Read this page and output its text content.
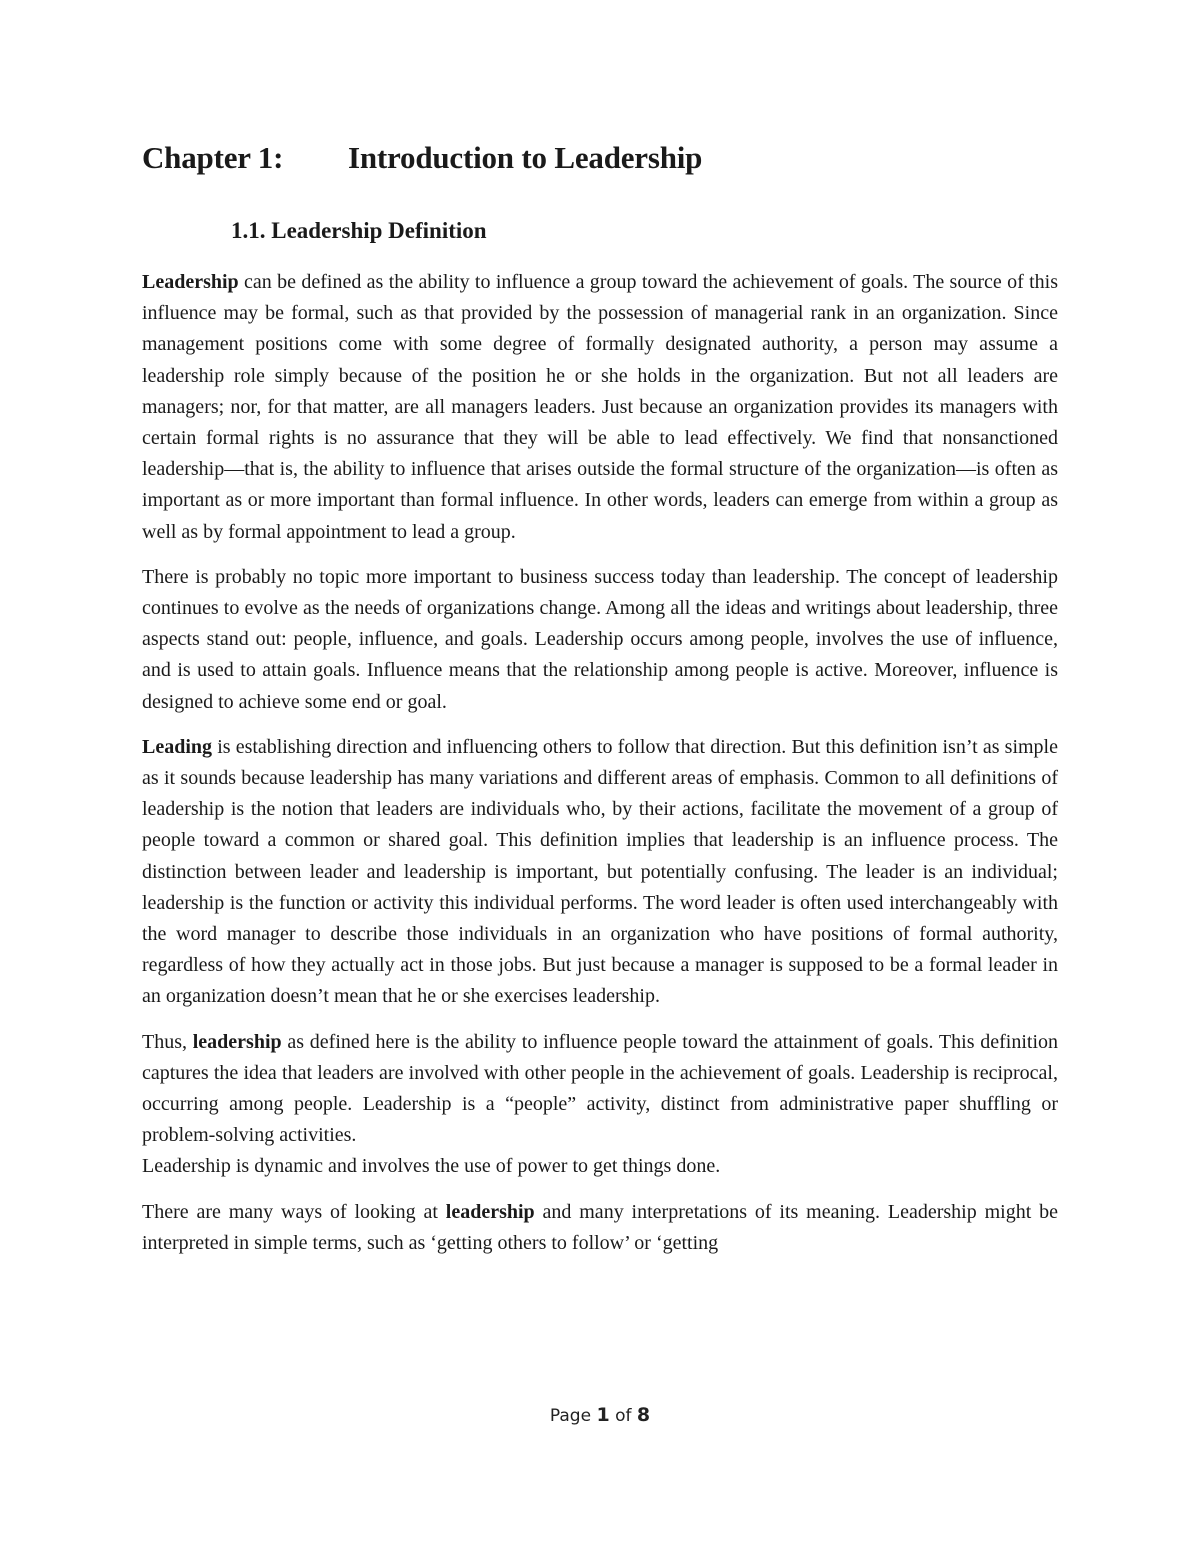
Chapter 1: Introduction to Leadership
1.1. Leadership Definition

Leadership can be defined as the ability to influence a group toward the achievement of goals. The source of this influence may be formal, such as that provided by the possession of managerial rank in an organization. Since management positions come with some degree of formally designated authority, a person may assume a leadership role simply because of the position he or she holds in the organization. But not all leaders are managers; nor, for that matter, are all managers leaders. Just because an organization provides its managers with certain formal rights is no assurance that they will be able to lead effectively. We find that nonsanctioned leadership—that is, the ability to influence that arises outside the formal structure of the organization—is often as important as or more important than formal influence. In other words, leaders can emerge from within a group as well as by formal appointment to lead a group.

There is probably no topic more important to business success today than leadership. The concept of leadership continues to evolve as the needs of organizations change. Among all the ideas and writings about leadership, three aspects stand out: people, influence, and goals. Leadership occurs among people, involves the use of influence, and is used to attain goals. Influence means that the relationship among people is active. Moreover, influence is designed to achieve some end or goal.

Leading is establishing direction and influencing others to follow that direction. But this definition isn’t as simple as it sounds because leadership has many variations and different areas of emphasis. Common to all definitions of leadership is the notion that leaders are individuals who, by their actions, facilitate the movement of a group of people toward a common or shared goal. This definition implies that leadership is an influence process. The distinction between leader and leadership is important, but potentially confusing. The leader is an individual; leadership is the function or activity this individual performs. The word leader is often used interchangeably with the word manager to describe those individuals in an organization who have positions of formal authority, regardless of how they actually act in those jobs. But just because a manager is supposed to be a formal leader in an organization doesn’t mean that he or she exercises leadership.

Thus, leadership as defined here is the ability to influence people toward the attainment of goals. This definition captures the idea that leaders are involved with other people in the achievement of goals. Leadership is reciprocal, occurring among people. Leadership is a “people” activity, distinct from administrative paper shuffling or problem-solving activities.

Leadership is dynamic and involves the use of power to get things done.

There are many ways of looking at leadership and many interpretations of its meaning. Leadership might be interpreted in simple terms, such as ‘getting others to follow’ or ‘getting

Page 1 of 8
